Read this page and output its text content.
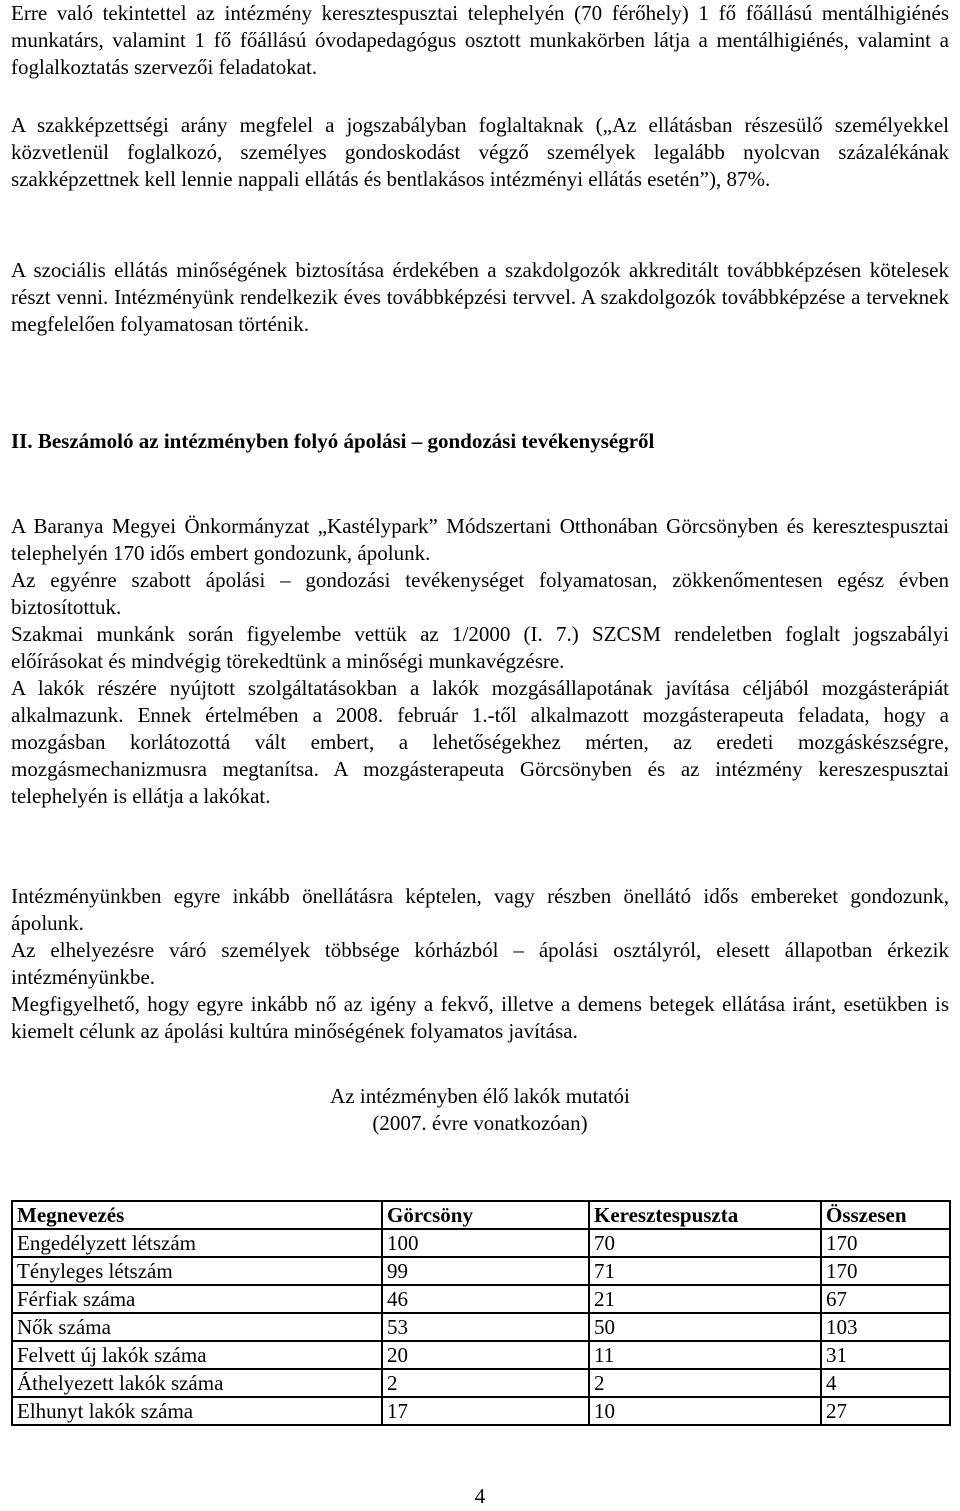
Erre való tekintettel az intézmény keresztespusztai telephelyén (70 férőhely) 1 fő főállású mentálhigiénés munkatárs, valamint 1 fő főállású óvodapedagógus osztott munkakörben látja a mentálhigiénés, valamint a foglalkoztatás szervezői feladatokat.

A szakképzettségi arány megfelel a jogszabályban foglaltaknak („Az ellátásban részesülő személyekkel közvetlenül foglalkozó, személyes gondoskodást végző személyek legalább nyolcvan százalékának szakképzettnek kell lennie nappali ellátás és bentlakásos intézményi ellátás esetén”), 87%.

A szociális ellátás minőségének biztosítása érdekében a szakdolgozók akkreditált továbbképzésen kötelesek részt venni. Intézményünk rendelkezik éves továbbképzési tervvel. A szakdolgozók továbbképzése a terveknek megfelelően folyamatosan történik.

II. Beszámoló az intézményben folyó ápolási – gondozási tevékenységről

A Baranya Megyei Önkormányzat „Kastélypark” Módszertani Otthonában Görcsönyben és keresztespusztai telephelyén 170 idős embert gondozunk, ápolunk.

Az egyénre szabott ápolási – gondozási tevékenységet folyamatosan, zökkenőmentesen egész évben biztosítottuk.

Szakmai munkánk során figyelembe vettük az 1/2000 (I. 7.) SZCSM rendeletben foglalt jogszabályi előírásokat és mindvégig törekedtünk a minőségi munkavégzésre.

A lakók részére nyújtott szolgáltatásokban a lakók mozgásállapotának javítása céljából mozgásterápiát alkalmazunk. Ennek értelmében a 2008. február 1.-től alkalmazott mozgásterapeuta feladata, hogy a mozgásban korlátozottá vált embert, a lehetőségekhez mérten, az eredeti mozgáskészségre, mozgásmechanizmusra megtanítsa. A mozgásterapeuta Görcsönyben és az intézmény kereszespusztai telephelyén is ellátja a lakókat.

Intézményünkben egyre inkább önellátásra képtelen, vagy részben önellátó idős embereket gondozunk, ápolunk.

Az elhelyezésre váró személyek többsége kórházból – ápolási osztályról, elesett állapotban érkezik intézményünkbe.

Megfigyelhető, hogy egyre inkább nő az igény a fekvő, illetve a demens betegek ellátása iránt, esetükben is kiemelt célunk az ápolási kultúra minőségének folyamatos javítása.

Az intézményben élő lakók mutatói

(2007. évre vonatkozóan)

Megnevezés	Görcsöny	Keresztespuszta	Összesen
Engedélyzett létszám	100	70	170
Tényleges létszám	99	71	170
Férfiak száma	46	21	67
Nők száma	53	50	103
Felvett új lakók száma	20	11	31
Áthelyezett lakók száma	2	2	4
Elhunyt lakók száma	17	10	27
4
